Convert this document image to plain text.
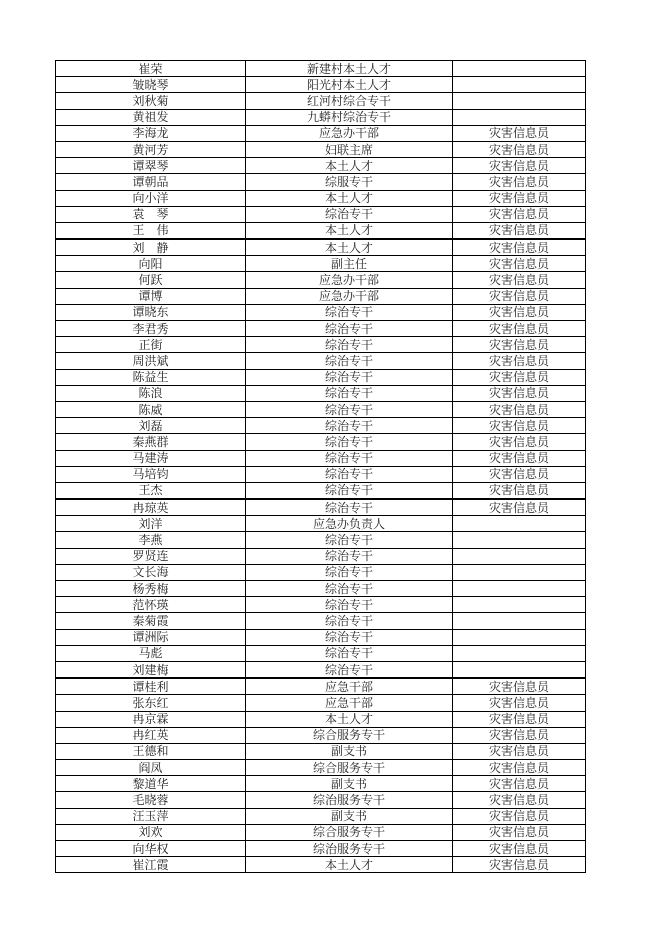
崔荣	新建村本土人才	
皱晓琴	阳光村本土人才	
刘秋菊	红河村综合专干	
黄祖发	九蟒村综治专干	
李海龙	应急办干部	灾害信息员
黄河芳	妇联主席	灾害信息员
谭翠琴	本土人才	灾害信息员
谭朝品	综服专干	灾害信息员
向小洋	本土人才	灾害信息员
袁　琴	综治专干	灾害信息员
王　伟	本土人才	灾害信息员
刘　静	本土人才	灾害信息员
向阳	副主任	灾害信息员
何跃	应急办干部	灾害信息员
谭博	应急办干部	灾害信息员
谭晓东	综治专干	灾害信息员
李君秀	综治专干	灾害信息员
正街	综治专干	灾害信息员
周洪斌	综治专干	灾害信息员
陈益生	综治专干	灾害信息员
陈浪	综治专干	灾害信息员
陈威	综治专干	灾害信息员
刘磊	综治专干	灾害信息员
秦燕群	综治专干	灾害信息员
马建涛	综治专干	灾害信息员
马培钧	综治专干	灾害信息员
王杰	综治专干	灾害信息员
冉琼英	综治专干	灾害信息员
刘洋	应急办负责人	
李燕	综治专干	
罗贤连	综治专干	
文长海	综治专干	
杨秀梅	综治专干	
范怀瑛	综治专干	
秦菊霞	综治专干	
谭洲际	综治专干	
马彪	综治专干	
刘建梅	综治专干	
谭桂利	应急干部	灾害信息员
张东红	应急干部	灾害信息员
冉京霖	本土人才	灾害信息员
冉红英	综合服务专干	灾害信息员
王德和	副支书	灾害信息员
阎凤	综合服务专干	灾害信息员
黎道华	副支书	灾害信息员
毛晓蓉	综治服务专干	灾害信息员
汪玉萍	副支书	灾害信息员
刘欢	综合服务专干	灾害信息员
向华权	综治服务专干	灾害信息员
崔江霞	本土人才	灾害信息员
